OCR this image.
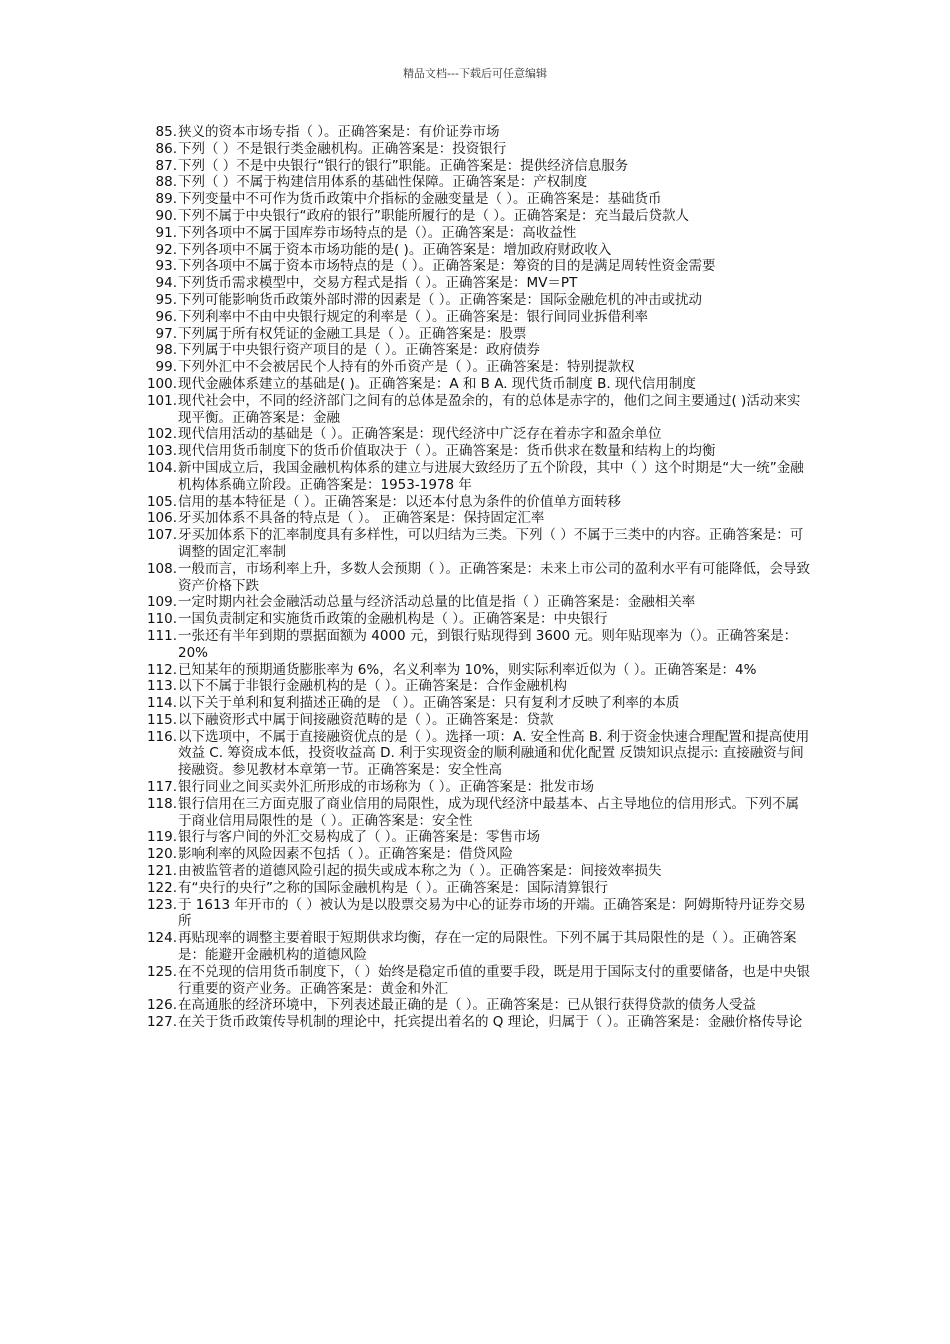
精品文档---下载后可任意编辑
85. 狭义的资本市场专指（ ）。正确答案是：有价证券市场
86. 下列（ ）不是银行类金融机构。正确答案是：投资银行
87. 下列（ ）不是中央银行“银行的银行”职能。正确答案是：提供经济信息服务
88. 下列（ ）不属于构建信用体系的基础性保障。正确答案是：产权制度
89. 下列变量中不可作为货币政策中介指标的金融变量是（ ）。正确答案是：基础货币
90. 下列不属于中央银行“政府的银行”职能所履行的是（ ）。正确答案是：充当最后贷款人
91. 下列各项中不属于国库券市场特点的是（）。正确答案是：高收益性
92. 下列各项中不属于资本市场功能的是( )。正确答案是：增加政府财政收入
93. 下列各项中不属于资本市场特点的是（ ）。正确答案是：筹资的目的是满足周转性资金需要
94. 下列货币需求模型中，交易方程式是指（ ）。正确答案是：MV＝PT
95. 下列可能影响货币政策外部时滞的因素是（ ）。正确答案是：国际金融危机的冲击或扰动
96. 下列利率中不由中央银行规定的利率是（ ）。正确答案是：银行间同业拆借利率
97. 下列属于所有权凭证的金融工具是（ ）。正确答案是：股票
98. 下列属于中央银行资产项目的是（ ）。正确答案是：政府债券
99. 下列外汇中不会被居民个人持有的外币资产是（ ）。正确答案是：特别提款权
100. 现代金融体系建立的基础是( )。正确答案是：A 和 B A. 现代货币制度 B. 现代信用制度
101. 现代社会中，不同的经济部门之间有的总体是盈余的，有的总体是赤字的，他们之间主要通过( )活动来实现平衡。正确答案是：金融
102. 现代信用活动的基础是（ ）。正确答案是：现代经济中广泛存在着赤字和盈余单位
103. 现代信用货币制度下的货币价值取决于（ ）。正确答案是：货币供求在数量和结构上的均衡
104. 新中国成立后，我国金融机构体系的建立与进展大致经历了五个阶段，其中（ ）这个时期是“大一统”金融机构体系确立阶段。正确答案是：1953-1978 年
105. 信用的基本特征是（ ）。正确答案是：以还本付息为条件的价值单方面转移
106. 牙买加体系不具备的特点是（ ）。 正确答案是：保持固定汇率
107. 牙买加体系下的汇率制度具有多样性，可以归结为三类。下列（ ）不属于三类中的内容。正确答案是：可调整的固定汇率制
108. 一般而言，市场利率上升，多数人会预期（ ）。正确答案是：未来上市公司的盈利水平有可能降低，会导致资产价格下跌
109. 一定时期内社会金融活动总量与经济活动总量的比值是指（ ）正确答案是：金融相关率
110. 一国负责制定和实施货币政策的金融机构是（ ）。正确答案是：中央银行
111. 一张还有半年到期的票据面额为 4000 元，到银行贴现得到 3600 元。则年贴现率为（）。正确答案是：20%
112. 已知某年的预期通货膨胀率为 6%，名义利率为 10%，则实际利率近似为（ ）。正确答案是：4%
113. 以下不属于非银行金融机构的是（ ）。正确答案是：合作金融机构
114. 以下关于单利和复利描述正确的是 （ ）。正确答案是：只有复利才反映了利率的本质
115. 以下融资形式中属于间接融资范畴的是（ ）。正确答案是：贷款
116. 以下选项中，不属于直接融资优点的是（ ）。选择一项：A. 安全性高 B. 利于资金快速合理配置和提高使用效益 C. 筹资成本低，投资收益高 D. 利于实现资金的顺利融通和优化配置 反馈知识点提示: 直接融资与间接融资。参见教材本章第一节。正确答案是：安全性高
117. 银行同业之间买卖外汇所形成的市场称为（ ）。正确答案是：批发市场
118. 银行信用在三方面克服了商业信用的局限性，成为现代经济中最基本、占主导地位的信用形式。下列不属于商业信用局限性的是（ ）。正确答案是：安全性
119. 银行与客户间的外汇交易构成了（ ）。正确答案是：零售市场
120. 影响利率的风险因素不包括（ ）。正确答案是：借贷风险
121. 由被监管者的道德风险引起的损失或成本称之为（ ）。正确答案是：间接效率损失
122. 有“央行的央行”之称的国际金融机构是（ ）。正确答案是：国际清算银行
123. 于 1613 年开市的（ ）被认为是以股票交易为中心的证券市场的开端。正确答案是：阿姆斯特丹证券交易所
124. 再贴现率的调整主要着眼于短期供求均衡，存在一定的局限性。下列不属于其局限性的是（ ）。正确答案是：能避开金融机构的道德风险
125. 在不兑现的信用货币制度下，（ ）始终是稳定币值的重要手段，既是用于国际支付的重要储备，也是中央银行重要的资产业务。正确答案是：黄金和外汇
126. 在高通胀的经济环境中，下列表述最正确的是（ ）。正确答案是：已从银行获得贷款的债务人受益
127. 在关于货币政策传导机制的理论中，托宾提出着名的 Q 理论，归属于（ ）。正确答案是：金融价格传导论
